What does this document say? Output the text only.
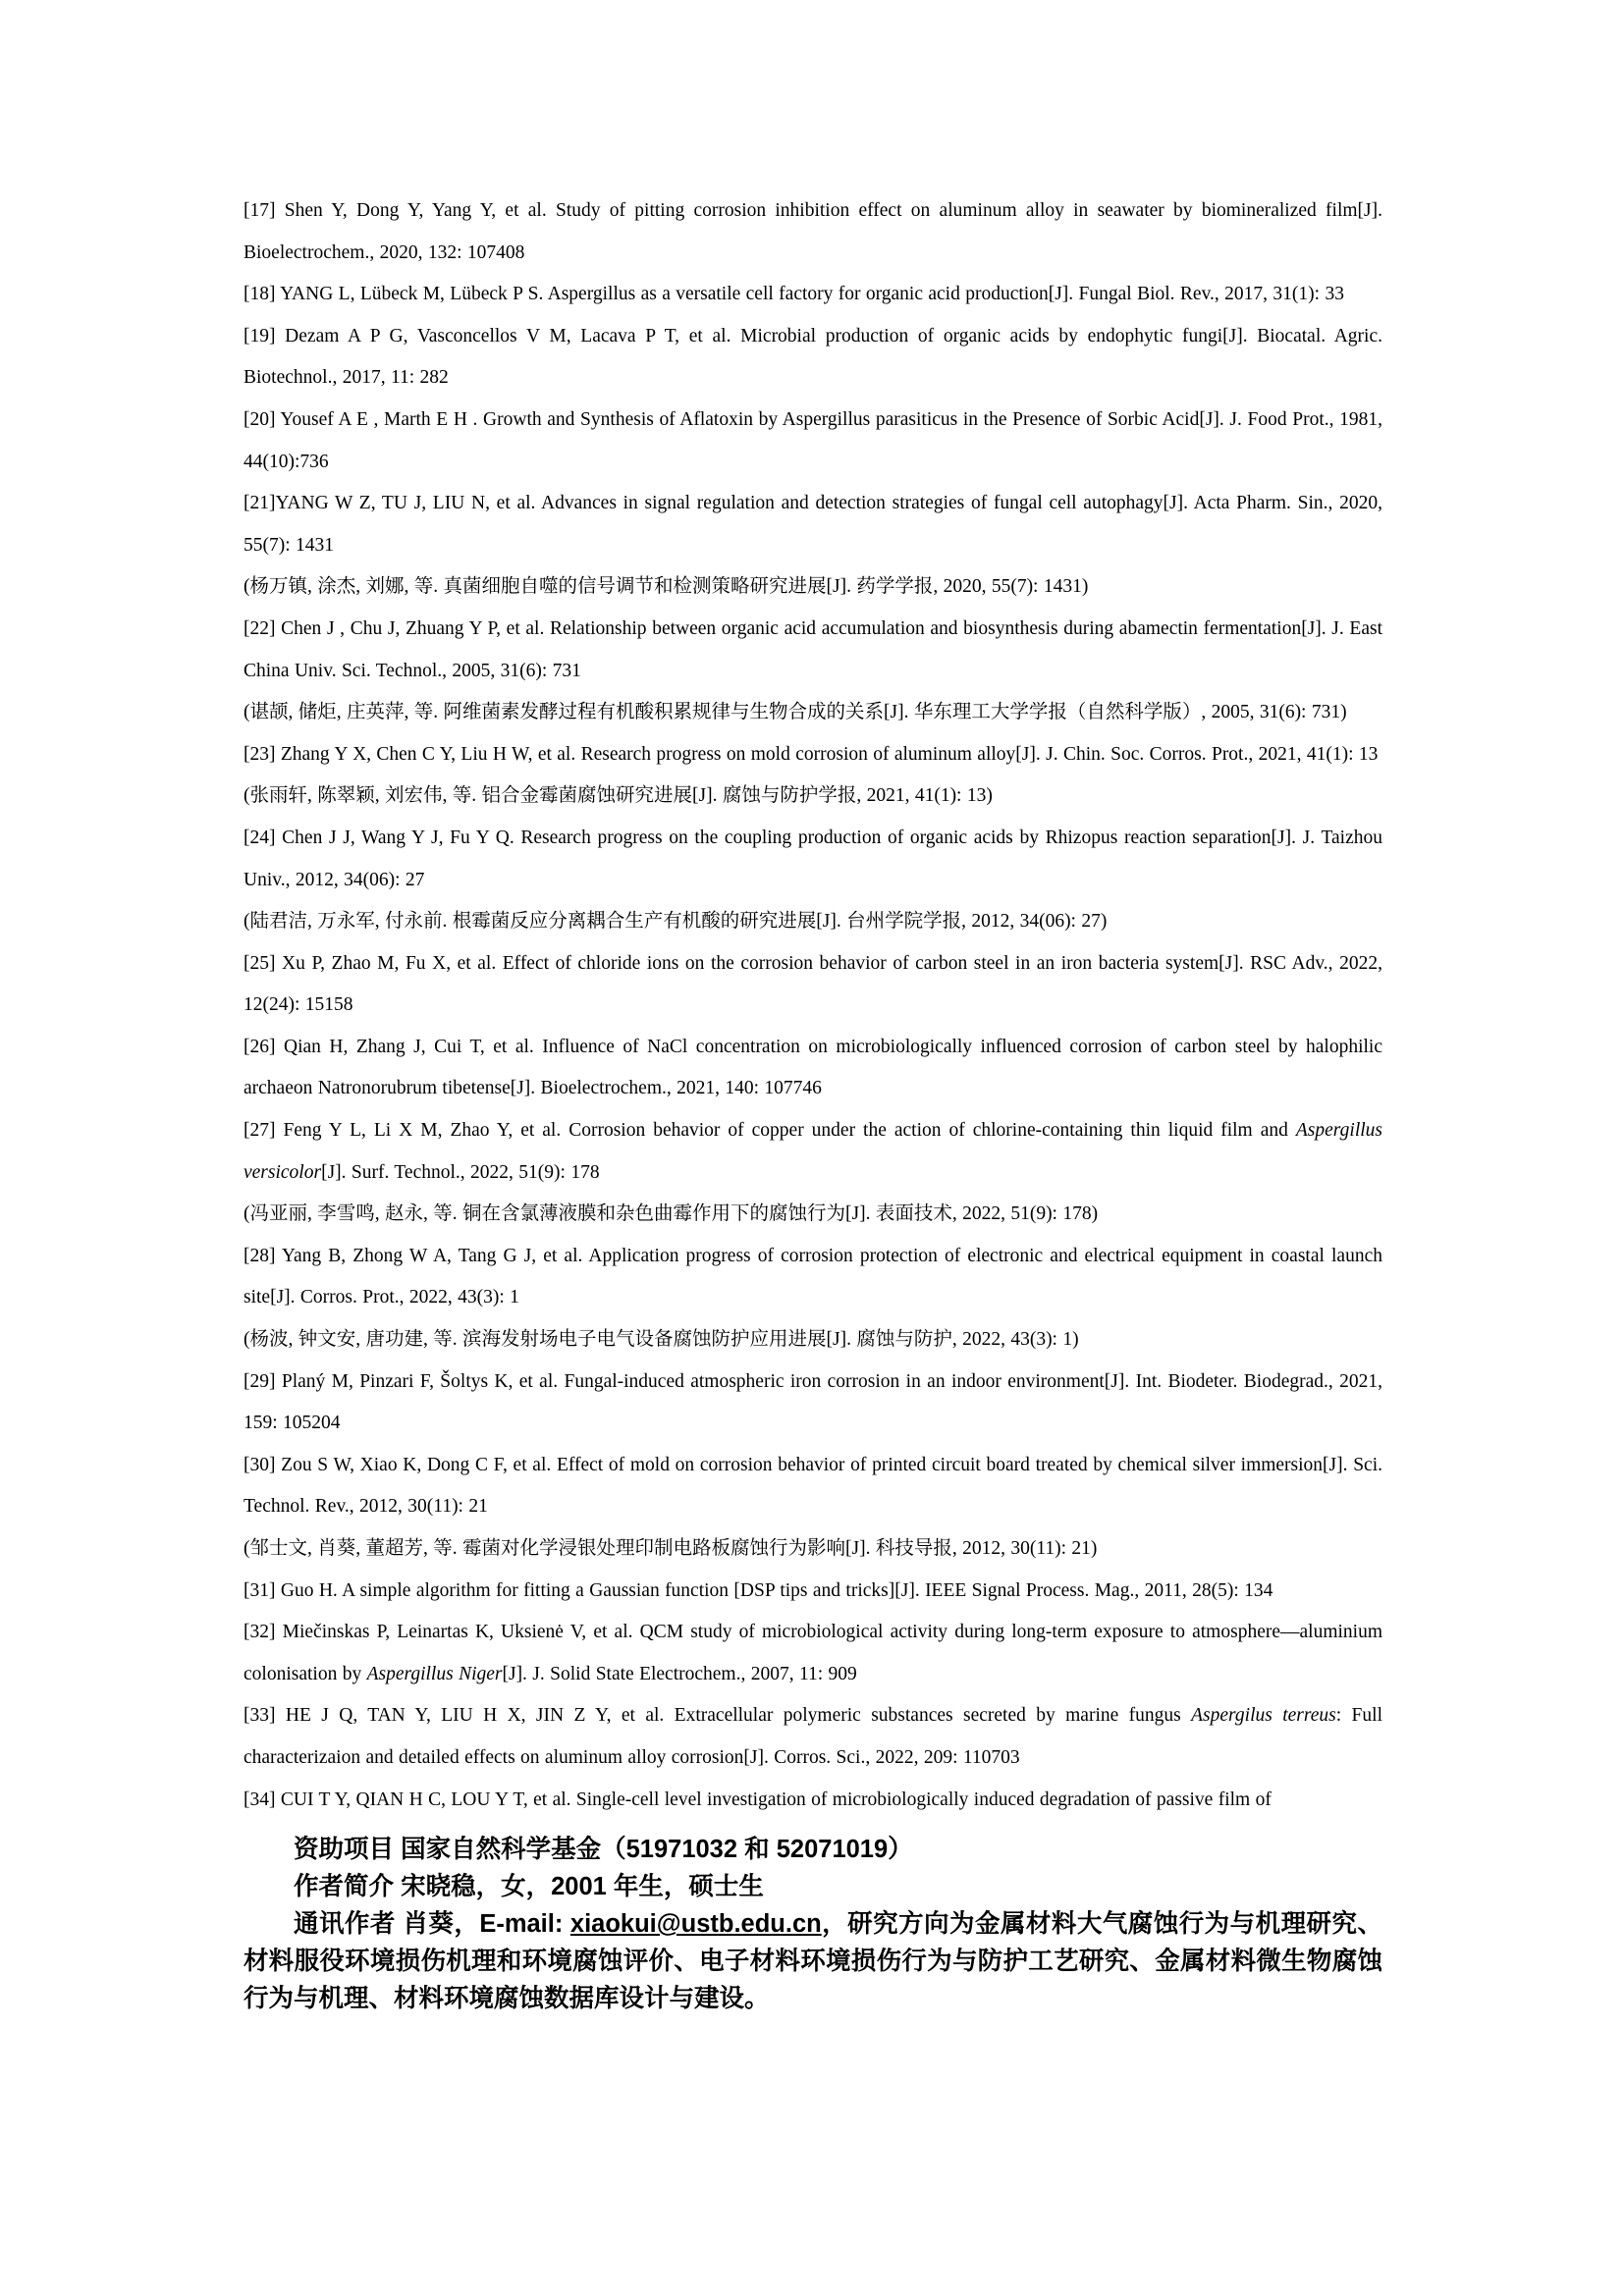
[17] Shen Y, Dong Y, Yang Y, et al. Study of pitting corrosion inhibition effect on aluminum alloy in seawater by biomineralized film[J]. Bioelectrochem., 2020, 132: 107408

[18] YANG L, Lübeck M, Lübeck P S. Aspergillus as a versatile cell factory for organic acid production[J]. Fungal Biol. Rev., 2017, 31(1): 33

[19] Dezam A P G, Vasconcellos V M, Lacava P T, et al. Microbial production of organic acids by endophytic fungi[J]. Biocatal. Agric. Biotechnol., 2017, 11: 282

[20] Yousef A E , Marth E H . Growth and Synthesis of Aflatoxin by Aspergillus parasiticus in the Presence of Sorbic Acid[J]. J. Food Prot., 1981, 44(10):736

[21]YANG W Z, TU J, LIU N, et al. Advances in signal regulation and detection strategies of fungal cell autophagy[J]. Acta Pharm. Sin., 2020, 55(7): 1431

(杨万镇, 涂杰, 刘娜, 等. 真菌细胞自噬的信号调节和检测策略研究进展[J]. 药学学报, 2020, 55(7): 1431)

[22] Chen J , Chu J, Zhuang Y P, et al. Relationship between organic acid accumulation and biosynthesis during abamectin fermentation[J]. J. East China Univ. Sci. Technol., 2005, 31(6): 731

(谌颉, 储炬, 庄英萍, 等. 阿维菌素发酵过程有机酸积累规律与生物合成的关系[J]. 华东理工大学学报（自然科学版）, 2005, 31(6): 731)

[23] Zhang Y X, Chen C Y, Liu H W, et al. Research progress on mold corrosion of aluminum alloy[J]. J. Chin. Soc. Corros. Prot., 2021, 41(1): 13

(张雨轩, 陈翠颖, 刘宏伟, 等. 铝合金霉菌腐蚀研究进展[J]. 腐蚀与防护学报, 2021, 41(1): 13)

[24] Chen J J, Wang Y J, Fu Y Q. Research progress on the coupling production of organic acids by Rhizopus reaction separation[J]. J. Taizhou Univ., 2012, 34(06): 27

(陆君洁, 万永军, 付永前. 根霉菌反应分离耦合生产有机酸的研究进展[J]. 台州学院学报, 2012, 34(06): 27)

[25] Xu P, Zhao M, Fu X, et al. Effect of chloride ions on the corrosion behavior of carbon steel in an iron bacteria system[J]. RSC Adv., 2022, 12(24): 15158

[26] Qian H, Zhang J, Cui T, et al. Influence of NaCl concentration on microbiologically influenced corrosion of carbon steel by halophilic archaeon Natronorubrum tibetense[J]. Bioelectrochem., 2021, 140: 107746

[27] Feng Y L, Li X M, Zhao Y, et al. Corrosion behavior of copper under the action of chlorine-containing thin liquid film and Aspergillus versicolor[J]. Surf. Technol., 2022, 51(9): 178

(冯亚丽, 李雪鸣, 赵永, 等. 铜在含氯薄液膜和杂色曲霉作用下的腐蚀行为[J]. 表面技术, 2022, 51(9): 178)

[28] Yang B, Zhong W A, Tang G J, et al. Application progress of corrosion protection of electronic and electrical equipment in coastal launch site[J]. Corros. Prot., 2022, 43(3): 1

(杨波, 钟文安, 唐功建, 等. 滨海发射场电子电气设备腐蚀防护应用进展[J]. 腐蚀与防护, 2022, 43(3): 1)

[29] Planý M, Pinzari F, Šoltys K, et al. Fungal-induced atmospheric iron corrosion in an indoor environment[J]. Int. Biodeter. Biodegrad., 2021, 159: 105204

[30] Zou S W, Xiao K, Dong C F, et al. Effect of mold on corrosion behavior of printed circuit board treated by chemical silver immersion[J]. Sci. Technol. Rev., 2012, 30(11): 21

(邹士文, 肖葵, 董超芳, 等. 霉菌对化学浸银处理印制电路板腐蚀行为影响[J]. 科技导报, 2012, 30(11): 21)

[31] Guo H. A simple algorithm for fitting a Gaussian function [DSP tips and tricks][J]. IEEE Signal Process. Mag., 2011, 28(5): 134

[32] Miečinskas P, Leinartas K, Uksienė V, et al. QCM study of microbiological activity during long-term exposure to atmosphere—aluminium colonisation by Aspergillus Niger[J]. J. Solid State Electrochem., 2007, 11: 909

[33] HE J Q, TAN Y, LIU H X, JIN Z Y, et al. Extracellular polymeric substances secreted by marine fungus Aspergilus terreus: Full characterizaion and detailed effects on aluminum alloy corrosion[J]. Corros. Sci., 2022, 209: 110703

[34] CUI T Y, QIAN H C, LOU Y T, et al. Single-cell level investigation of microbiologically induced degradation of passive film of

资助项目 国家自然科学基金（51971032 和 52071019）

作者简介 宋晓稳，女，2001 年生，硕士生

通讯作者 肖葵，E-mail: xiaokui@ustb.edu.cn，研究方向为金属材料大气腐蚀行为与机理研究、材料服役环境损伤机理和环境腐蚀评价、电子材料环境损伤行为与防护工艺研究、金属材料微生物腐蚀行为与机理、材料环境腐蚀数据库设计与建设。
